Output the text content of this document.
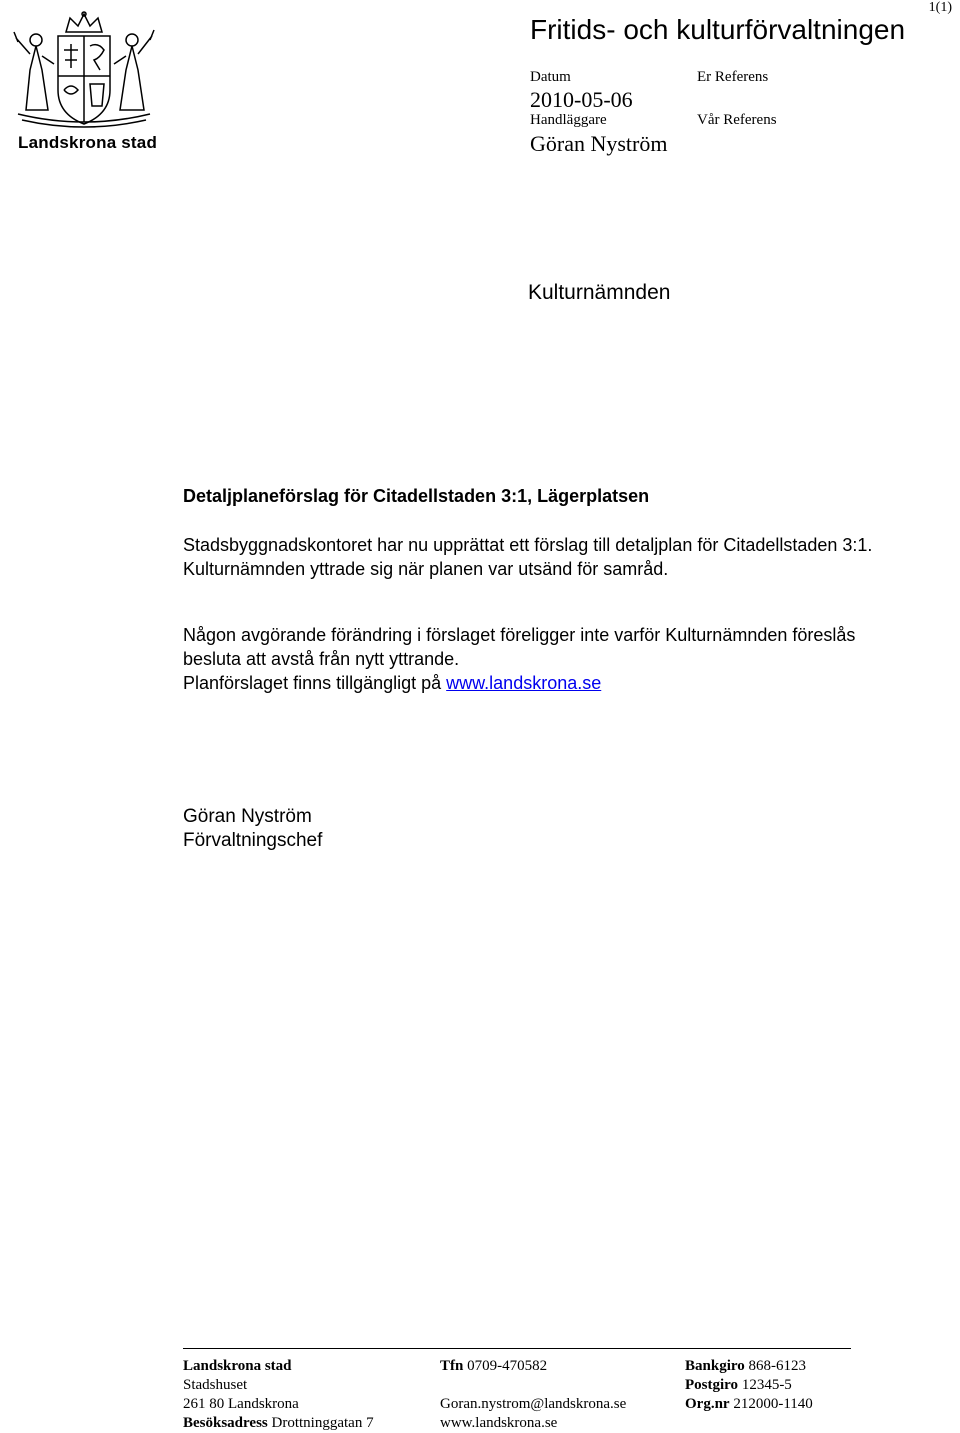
Landskrona stad
1(1)
Fritids- och kulturförvaltningen
Datum
2010-05-06
Handläggare
Göran Nyström
Er Referens
Vår Referens
Kulturnämnden
Detaljplaneförslag för Citadellstaden 3:1, Lägerplatsen
Stadsbyggnadskontoret har nu upprättat ett förslag till detaljplan för Citadellstaden 3:1. Kulturnämnden yttrade sig när planen var utsänd för samråd.
Någon avgörande förändring i förslaget föreligger inte varför Kulturnämnden föreslås besluta att avstå från nytt yttrande.
Planförslaget finns tillgängligt på www.landskrona.se
Göran Nyström
Förvaltningschef
Landskrona stad
Stadshuset
261 80 Landskrona
Besöksadress Drottninggatan 7
Tfn 0709-470582
Goran.nystrom@landskrona.se
www.landskrona.se
Bankgiro 868-6123
Postgiro 12345-5
Org.nr 212000-1140
